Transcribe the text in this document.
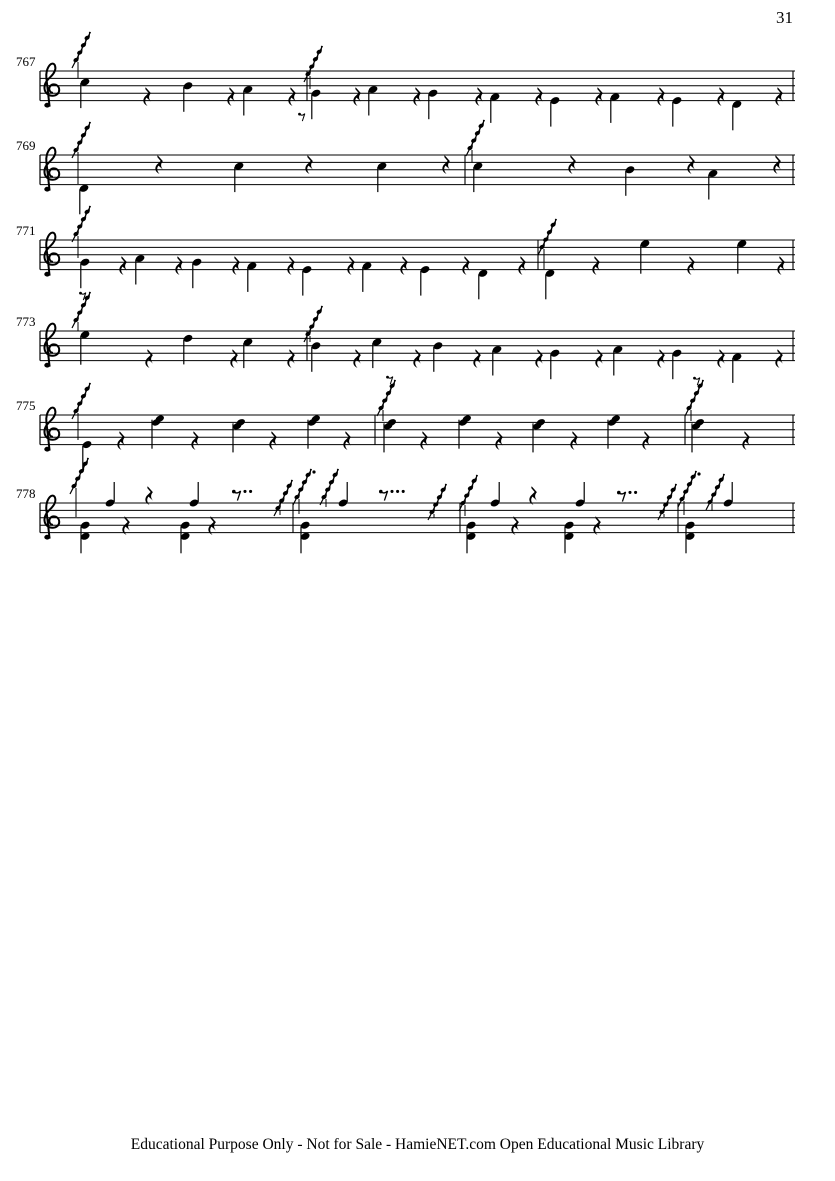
31
767
769
771
773
775
778
Educational Purpose Only - Not for Sale - HamieNET.com Open Educational Music Library
